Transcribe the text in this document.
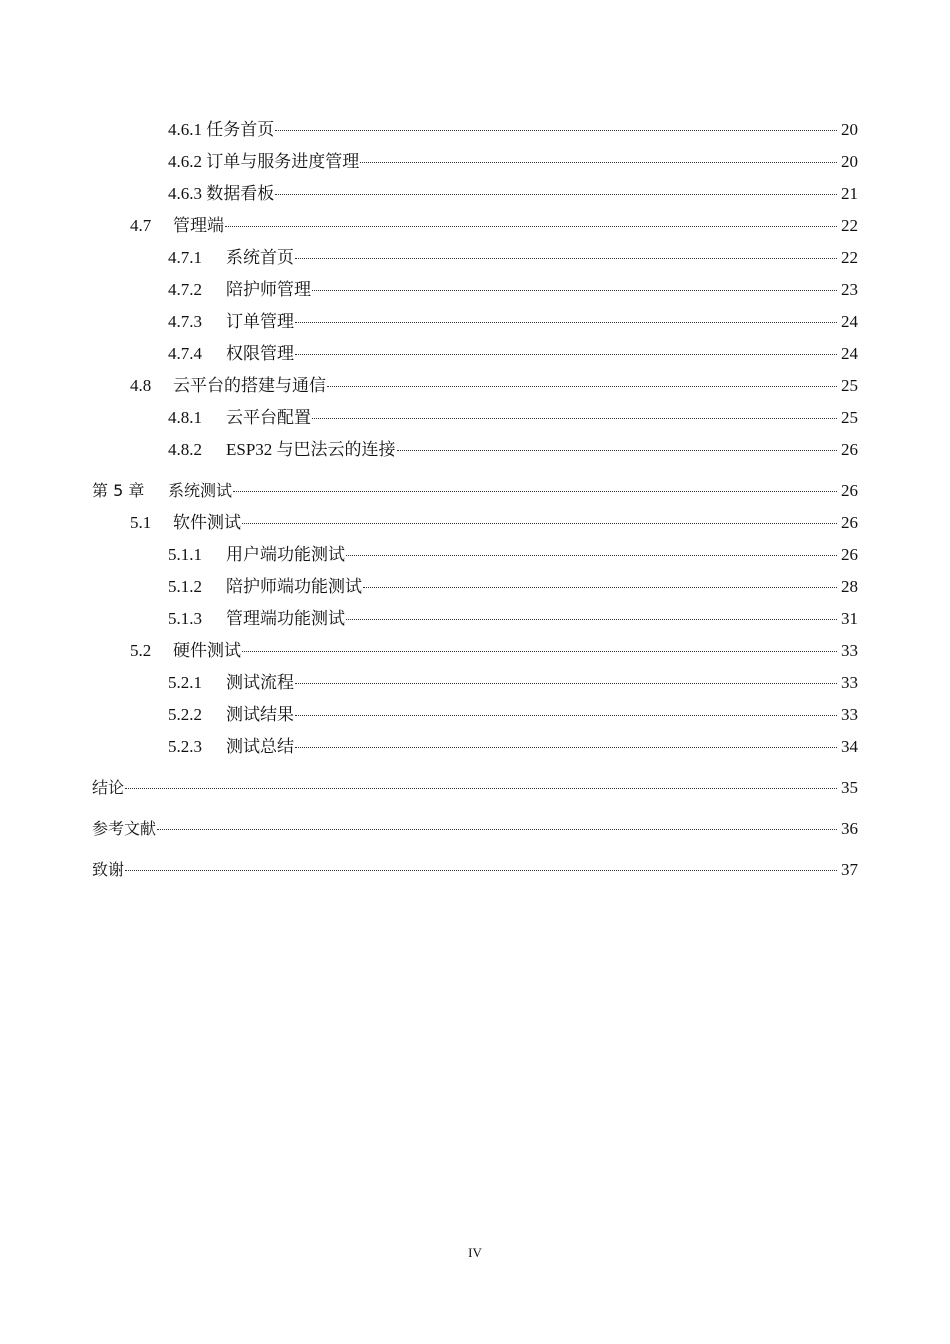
4.6.1 任务首页	20
4.6.2 订单与服务进度管理	20
4.6.3 数据看板	21
4.7	管理端	22
4.7.1	系统首页	22
4.7.2	陪护师管理	23
4.7.3	订单管理	24
4.7.4	权限管理	24
4.8	云平台的搭建与通信	25
4.8.1	云平台配置	25
4.8.2	ESP32 与巴法云的连接	26
第 5 章	系统测试	26
5.1	软件测试	26
5.1.1	用户端功能测试	26
5.1.2	陪护师端功能测试	28
5.1.3	管理端功能测试	31
5.2	硬件测试	33
5.2.1	测试流程	33
5.2.2	测试结果	33
5.2.3	测试总结	34
结论	35
参考文献	36
致谢	37
IV
